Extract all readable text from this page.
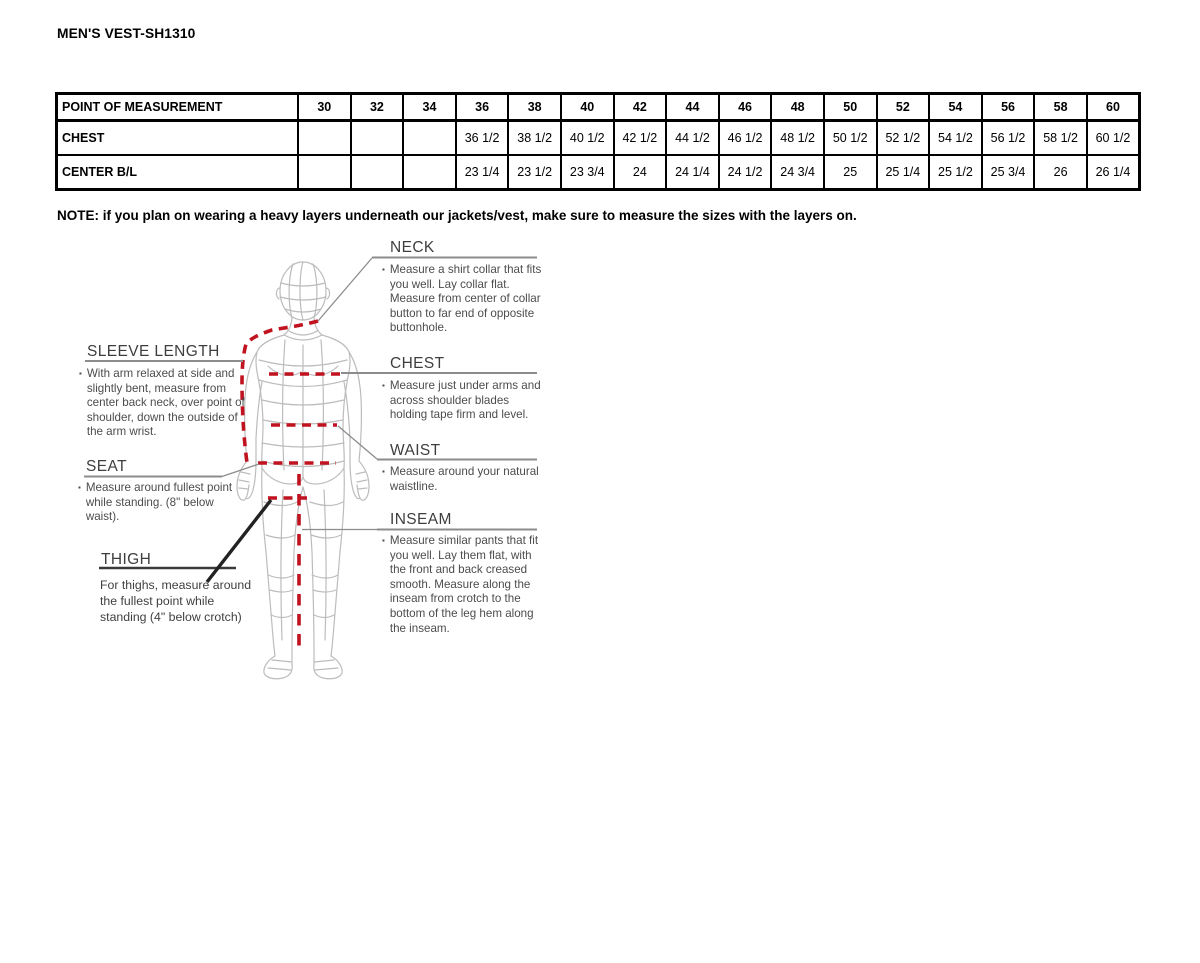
MEN'S VEST-SH1310
POINT OF MEASUREMENT	30	32	34	36	38	40	42	44	46	48	50	52	54	56	58	60
CHEST				36 1/2	38 1/2	40 1/2	42 1/2	44 1/2	46 1/2	48 1/2	50 1/2	52 1/2	54 1/2	56 1/2	58 1/2	60 1/2
CENTER B/L				23 1/4	23 1/2	23 3/4	24	24 1/4	24 1/2	24 3/4	25	25 1/4	25 1/2	25 3/4	26	26 1/4
NOTE: if you plan on wearing a heavy layers underneath our jackets/vest, make sure to measure the sizes with the layers on.
NECK
▪ Measure a shirt collar that fits you well. Lay collar flat. Measure from center of collar button to far end of opposite buttonhole.
SLEEVE LENGTH
▪ With arm relaxed at side and slightly bent, measure from center back neck, over point of shoulder, down the outside of the arm wrist.
CHEST
▪ Measure just under arms and across shoulder blades holding tape firm and level.
WAIST
▪ Measure around your natural waistline.
SEAT
▪ Measure around fullest point while standing. (8" below waist).	INSEAM
▪ Measure similar pants that fit you well. Lay them flat, with the front and back creased smooth. Measure along the inseam from crotch to the bottom of the leg hem along the inseam.
THIGH
For thighs, measure around the fullest point while standing (4" below crotch)
